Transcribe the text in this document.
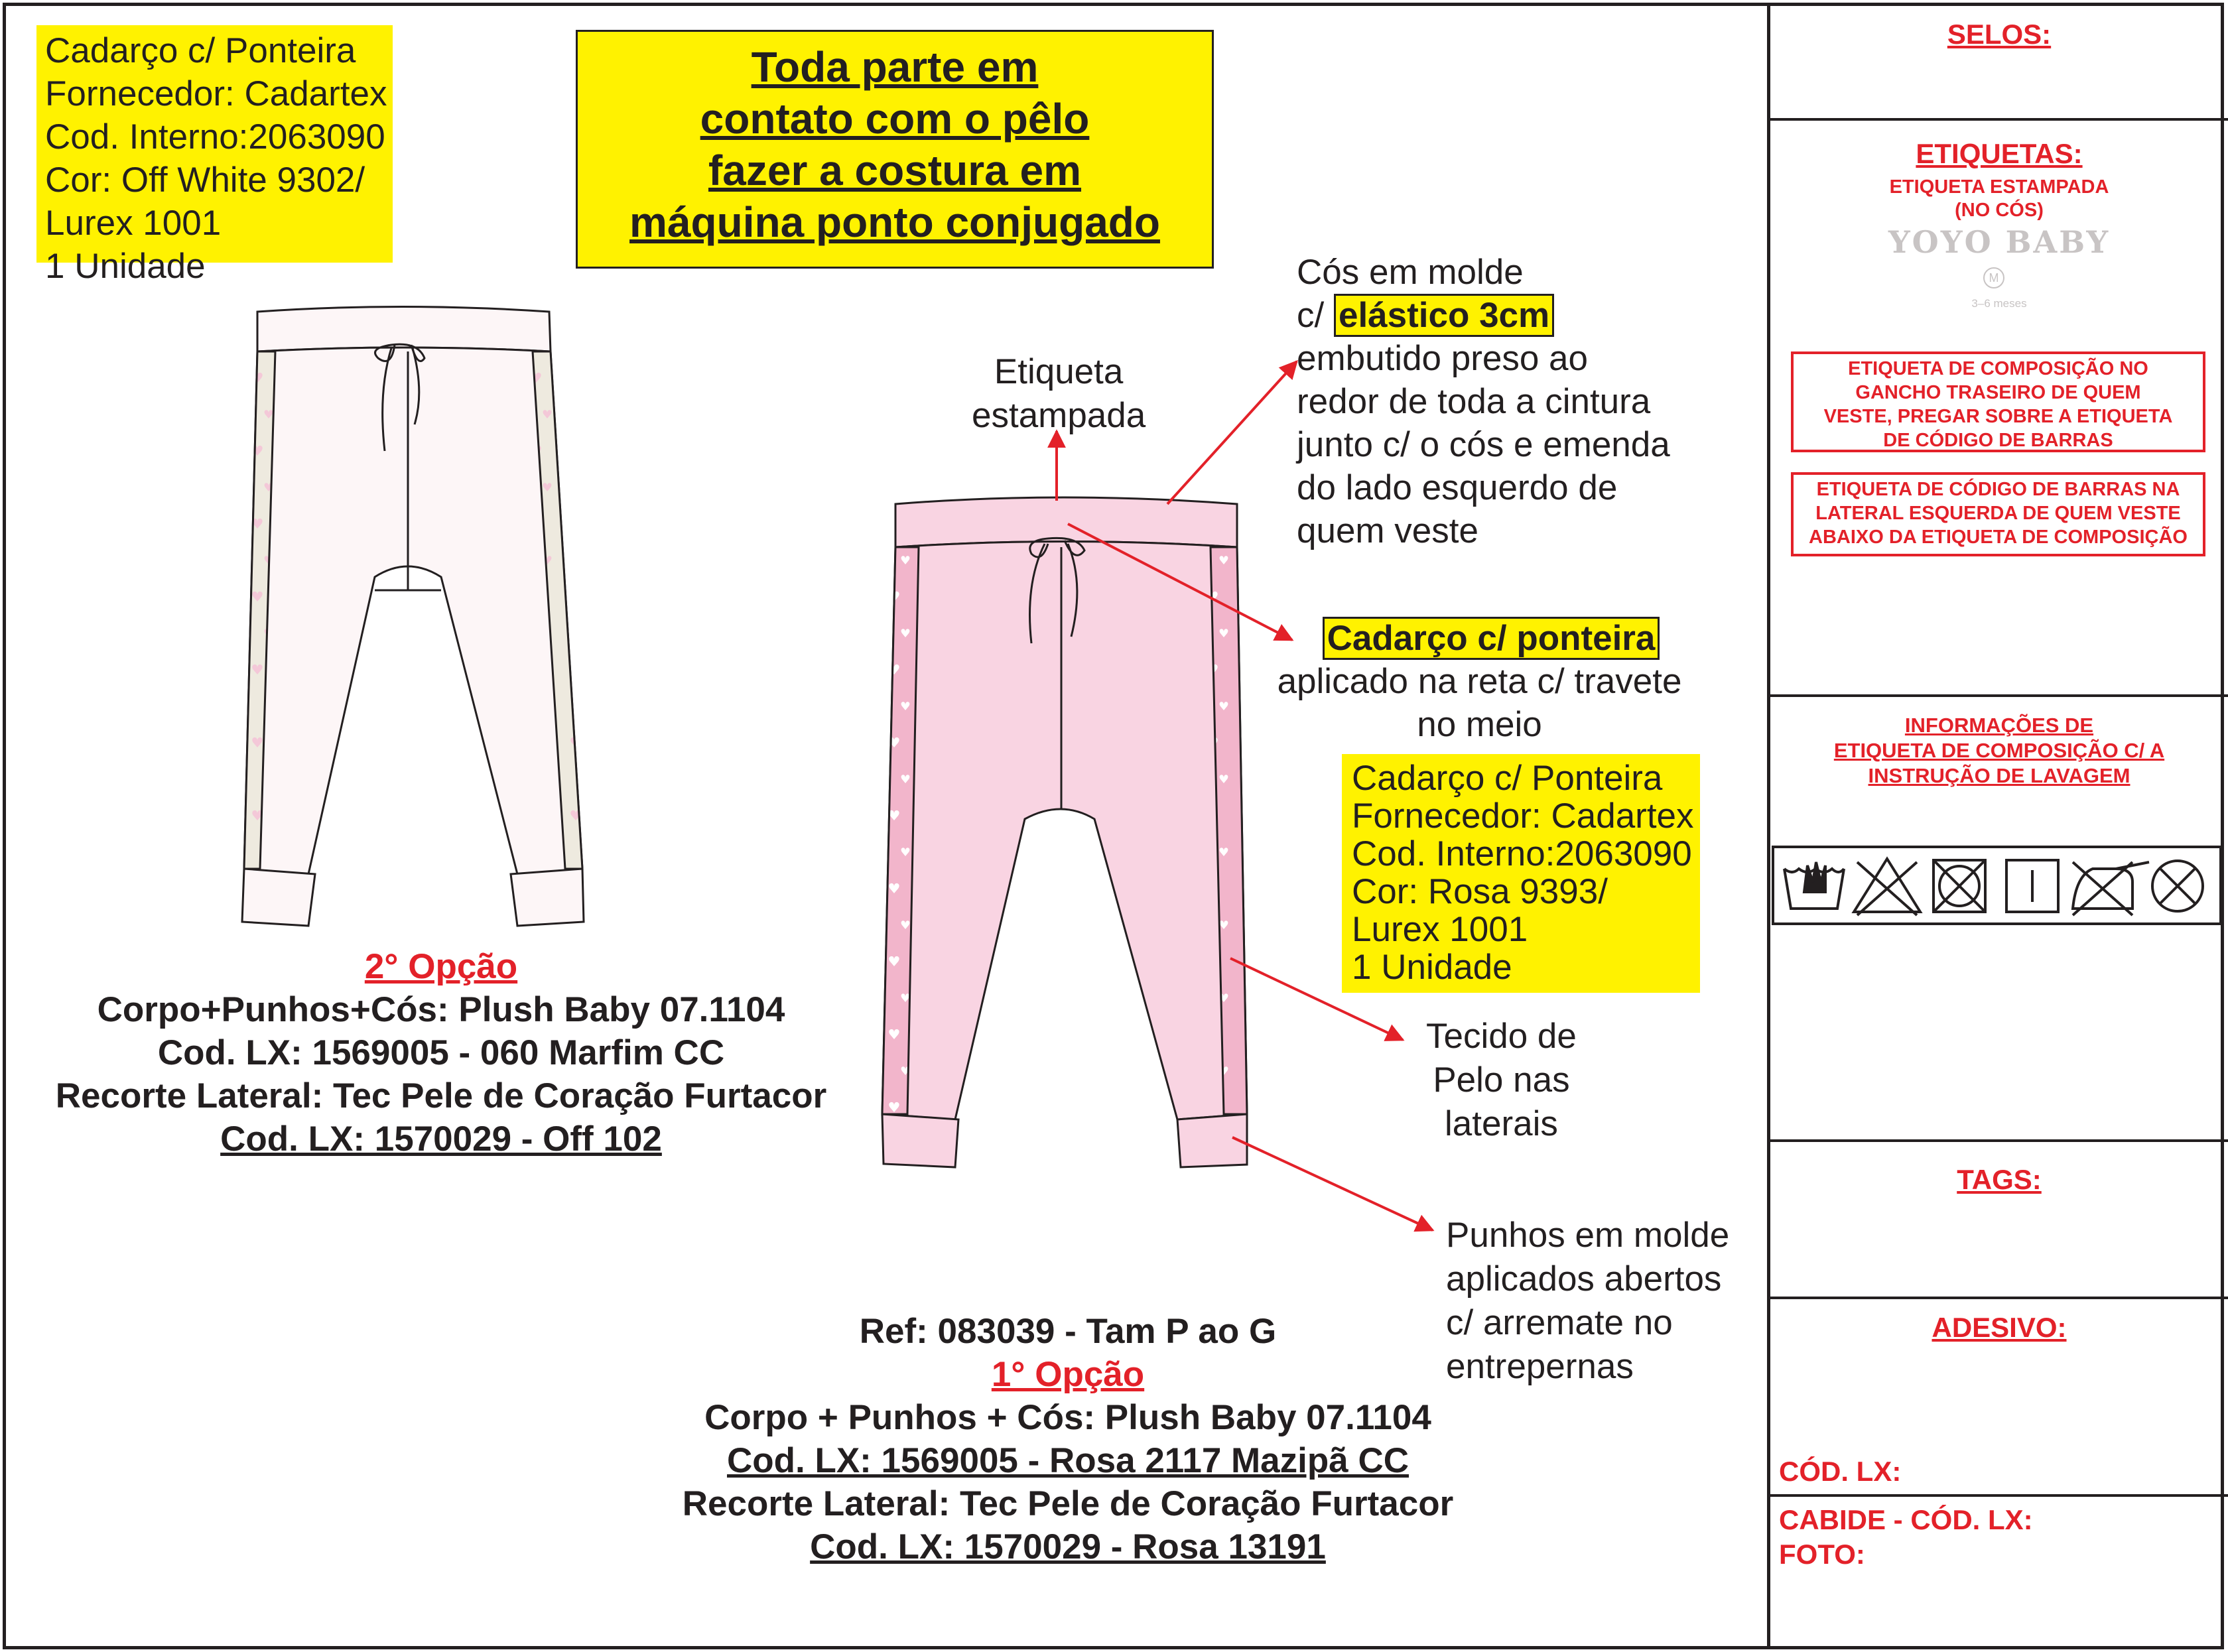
Cadarço c/ Ponteira
Fornecedor: Cadartex
Cod. Interno:2063090
Cor: Off White 9302/
Lurex 1001
1 Unidade
Toda parte em
contato com o pêlo
fazer a costura em
máquina ponto conjugado
Etiqueta
estampada
Cós em molde
c/ elástico 3cm
embutido preso ao
redor de toda a cintura
junto c/ o cós e emenda
do lado esquerdo de
quem veste
Cadarço c/ ponteira
aplicado na reta c/ travete
no meio
Cadarço c/ Ponteira
Fornecedor: Cadartex
Cod. Interno:2063090
Cor: Rosa 9393/
Lurex 1001
1 Unidade
Tecido de
Pelo nas
laterais
Punhos em molde
aplicados abertos
c/ arremate no
entrepernas
2° Opção
Corpo+Punhos+Cós: Plush Baby 07.1104
Cod. LX: 1569005 - 060 Marfim CC
Recorte Lateral: Tec Pele de Coração Furtacor
Cod. LX: 1570029 - Off 102
Ref: 083039 - Tam P ao G
1° Opção
Corpo + Punhos + Cós: Plush Baby 07.1104
Cod. LX: 1569005 - Rosa 2117 Mazipã CC
Recorte Lateral: Tec Pele de Coração Furtacor
Cod. LX: 1570029 - Rosa 13191
SELOS:
ETIQUETAS:
ETIQUETA ESTAMPADA
(NO CÓS)
YOYO BABY
M
3–6 meses
ETIQUETA DE COMPOSIÇÃO NO
GANCHO TRASEIRO DE QUEM
VESTE, PREGAR SOBRE A ETIQUETA
DE CÓDIGO DE BARRAS
ETIQUETA DE CÓDIGO DE BARRAS NA
LATERAL ESQUERDA DE QUEM VESTE
ABAIXO DA ETIQUETA DE COMPOSIÇÃO
INFORMAÇÕES DE
ETIQUETA DE COMPOSIÇÃO C/ A
INSTRUÇÃO DE LAVAGEM
TAGS:
ADESIVO:
CÓD. LX:
CABIDE - CÓD. LX:
FOTO:
